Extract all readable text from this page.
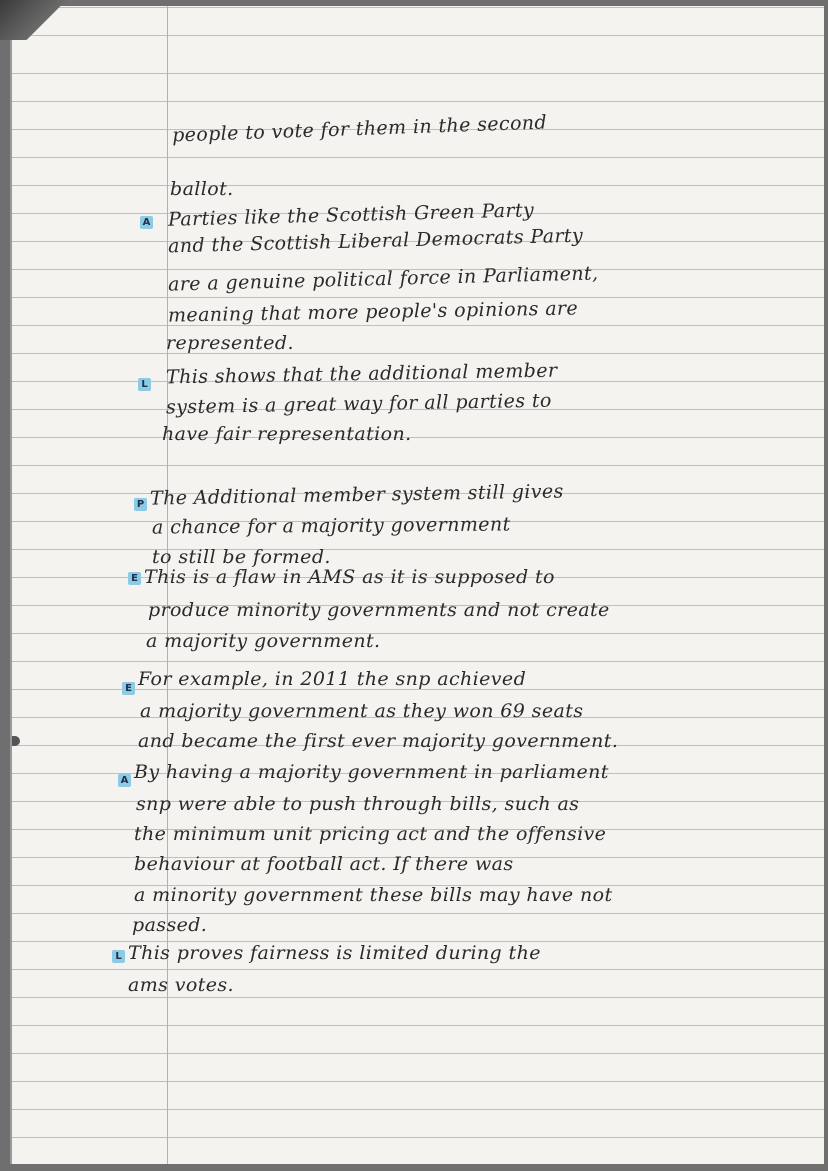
people to vote for them in the second
ballot.
A Parties like the Scottish Green Party
and the Scottish Liberal Democrats Party
are a genuine political force in Parliament,
meaning that more people's opinions are
represented.
L This shows that the additional member
system is a great way for all parties to
have fair representation.
P The Additional member system still gives
a chance for a majority government
to still be formed.
E This is a flaw in AMS as it is supposed to
produce minority governments and not create
a majority government.
E For example, in 2011 the snp achieved
a majority government as they won 69 seats
and became the first ever majority government.
A By having a majority government in parliament
snp were able to push through bills, such as
the minimum unit pricing act and the offensive
behaviour at football act. If there was
a minority government these bills may have not
passed.
L This proves fairness is limited during the
ams votes.
